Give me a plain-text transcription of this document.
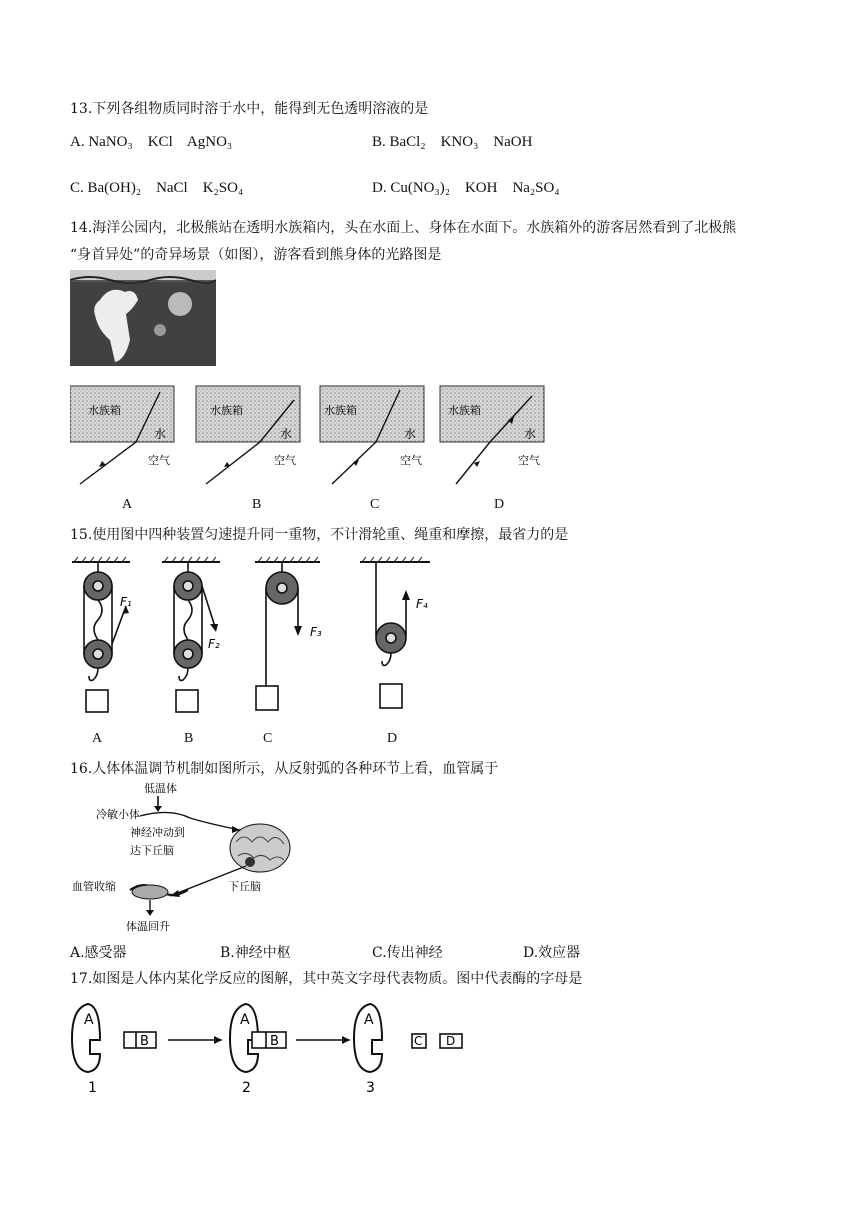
13.下列各组物质同时溶于水中，能得到无色透明溶液的是
A. NaNO₃    KCl    AgNO₃	B. BaCl₂    KNO₃    NaOH
C. Ba(OH)₂    NaCl    K₂SO₄	D. Cu(NO₃)₂    KOH    Na₂SO₄
14.海洋公园内，北极熊站在透明水族箱内，头在水面上、身体在水面下。水族箱外的游客居然看到了北极熊
“身首异处”的奇异场景（如图），游客看到熊身体的光路图是
水族箱
水
空气
水族箱
水
空气
水族箱
水
空气
水族箱
水
空气
A	B	C	D
15.使用图中四种装置匀速提升同一重物，不计滑轮重、绳重和摩擦，最省力的是
F₁
F₂
F₃
F₄
A	B	C	D
16.人体体温调节机制如图所示，从反射弧的各种环节上看，血管属于
低温体
冷敏小体
神经冲动到
达下丘脑
下丘脑
血管收缩
体温回升
A.感受器	B.神经中枢	C.传出神经	D.效应器
17.如图是人体内某化学反应的图解，其中英文字母代表物质。图中代表酶的字母是
A
B
1
A
B
2
A
C D
3
